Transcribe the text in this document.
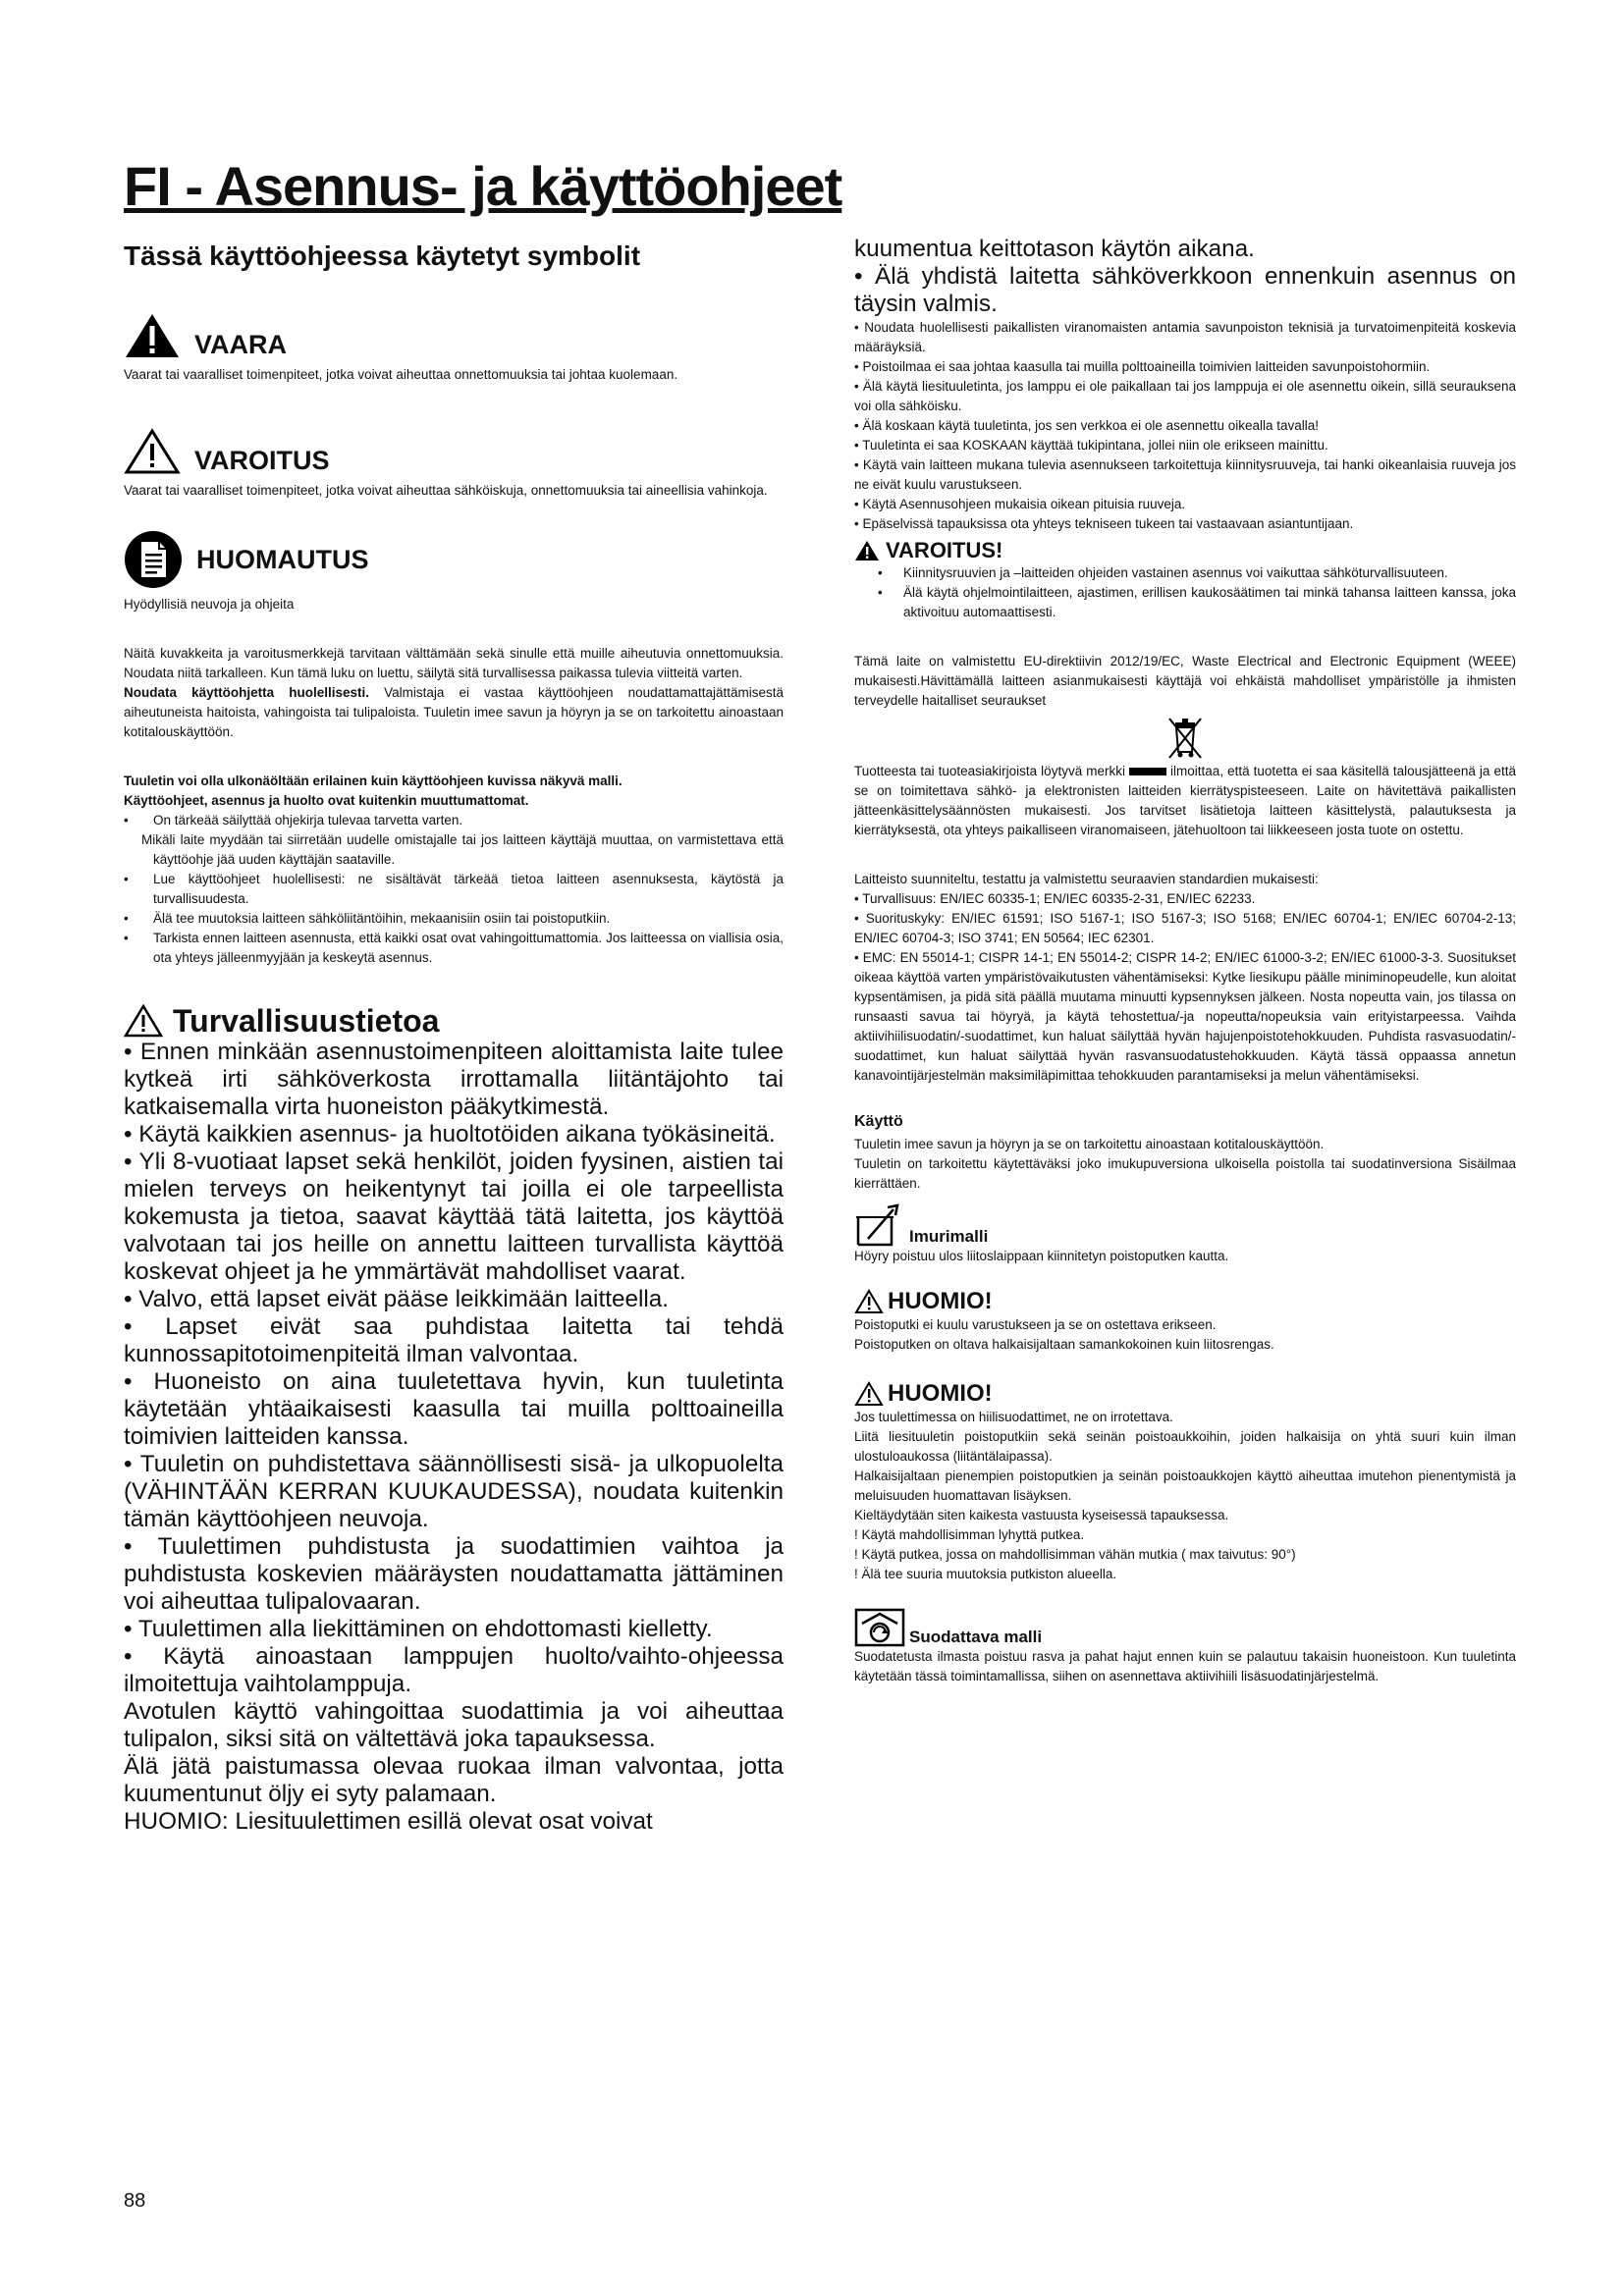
FI - Asennus- ja käyttöohjeet

Tässä käyttöohjeessa käytetyt symbolit

VAARA

Vaarat tai vaaralliset toimenpiteet, jotka voivat aiheuttaa onnettomuuksia tai johtaa kuolemaan.

VAROITUS

Vaarat tai vaaralliset toimenpiteet, jotka voivat aiheuttaa sähköiskuja, onnettomuuksia tai aineellisia vahinkoja.

HUOMAUTUS

Hyödyllisiä neuvoja ja ohjeita

Näitä kuvakkeita ja varoitusmerkkejä tarvitaan välttämään sekä sinulle että muille aiheutuvia onnettomuuksia. Noudata niitä tarkalleen. Kun tämä luku on luettu, säilytä sitä turvallisessa paikassa tulevia viitteitä varten.

Noudata käyttöohjetta huolellisesti. Valmistaja ei vastaa käyttöohjeen noudattamattajättämisestä aiheutuneista haitoista, vahingoista tai tulipaloista. Tuuletin imee savun ja höyryn ja se on tarkoitettu ainoastaan kotitalouskäyttöön.

Tuuletin voi olla ulkonäöltään erilainen kuin käyttöohjeen kuvissa näkyvä malli.

Käyttöohjeet, asennus ja huolto ovat kuitenkin muuttumattomat.

• On tärkeää säilyttää ohjekirja tulevaa tarvetta varten.

Mikäli laite myydään tai siirretään uudelle omistajalle tai jos laitteen käyttäjä muuttaa, on varmistettava että käyttöohje jää uuden käyttäjän saataville.

• Lue käyttöohjeet huolellisesti: ne sisältävät tärkeää tietoa laitteen asennuksesta, käytöstä ja turvallisuudesta.
• Älä tee muutoksia laitteen sähköliitäntöihin, mekaanisiin osiin tai poistoputkiin.
• Tarkista ennen laitteen asennusta, että kaikki osat ovat vahingoittumattomia. Jos laitteessa on viallisia osia, ota yhteys jälleenmyyjään ja keskeytä asennus.
Turvallisuustietoa

• Ennen minkään asennustoimenpiteen aloittamista laite tulee kytkeä irti sähköverkosta irrottamalla liitäntäjohto tai katkaisemalla virta huoneiston pääkytkimestä.

• Käytä kaikkien asennus- ja huoltotöiden aikana työkäsineitä.

• Yli 8-vuotiaat lapset sekä henkilöt, joiden fyysinen, aistien tai mielen terveys on heikentynyt tai joilla ei ole tarpeellista kokemusta ja tietoa, saavat käyttää tätä laitetta, jos käyttöä valvotaan tai jos heille on annettu laitteen turvallista käyttöä koskevat ohjeet ja he ymmärtävät mahdolliset vaarat.

• Valvo, että lapset eivät pääse leikkimään laitteella.

• Lapset eivät saa puhdistaa laitetta tai tehdä kunnossapitotoimenpiteitä ilman valvontaa.

• Huoneisto on aina tuuletettava hyvin, kun tuuletinta käytetään yhtäaikaisesti kaasulla tai muilla polttoaineilla toimivien laitteiden kanssa.

• Tuuletin on puhdistettava säännöllisesti sisä- ja ulkopuolelta (VÄHINTÄÄN KERRAN KUUKAUDESSA), noudata kuitenkin tämän käyttöohjeen neuvoja.

• Tuulettimen puhdistusta ja suodattimien vaihtoa ja puhdistusta koskevien määräysten noudattamatta jättäminen voi aiheuttaa tulipalovaaran.

• Tuulettimen alla liekittäminen on ehdottomasti kielletty.

• Käytä ainoastaan lamppujen huolto/vaihto-ohjeessa ilmoitettuja vaihtolamppuja.

Avotulen käyttö vahingoittaa suodattimia ja voi aiheuttaa tulipalon, siksi sitä on vältettävä joka tapauksessa.

Älä jätä paistumassa olevaa ruokaa ilman valvontaa, jotta kuumentunut öljy ei syty palamaan.

HUOMIO: Liesituulettimen esillä olevat osat voivat

kuumentua keittotason käytön aikana.

• Älä yhdistä laitetta sähköverkkoon ennenkuin asennus on täysin valmis.

• Noudata huolellisesti paikallisten viranomaisten antamia savunpoiston teknisiä ja turvatoimenpiteitä koskevia määräyksiä.

• Poistoilmaa ei saa johtaa kaasulla tai muilla polttoaineilla toimivien laitteiden savunpoistohormiin.

• Älä käytä liesituuletinta, jos lamppu ei ole paikallaan tai jos lamppuja ei ole asennettu oikein, sillä seurauksena voi olla sähköisku.

• Älä koskaan käytä tuuletinta, jos sen verkkoa ei ole asennettu oikealla tavalla!

• Tuuletinta ei saa KOSKAAN käyttää tukipintana, jollei niin ole erikseen mainittu.

• Käytä vain laitteen mukana tulevia asennukseen tarkoitettuja kiinnitysruuveja, tai hanki oikeanlaisia ruuveja jos ne eivät kuulu varustukseen.

• Käytä Asennusohjeen mukaisia oikean pituisia ruuveja.

• Epäselvissä tapauksissa ota yhteys tekniseen tukeen tai vastaavaan asiantuntijaan.

VAROITUS!
• Kiinnitysruuvien ja –laitteiden ohjeiden vastainen asennus voi vaikuttaa sähköturvallisuuteen.
• Älä käytä ohjelmointilaitteen, ajastimen, erillisen kaukosäätimen tai minkä tahansa laitteen kanssa, joka aktivoituu automaattisesti.

Tämä laite on valmistettu EU-direktiivin 2012/19/EC, Waste Electrical and Electronic Equipment (WEEE) mukaisesti.Hävittämällä laitteen asianmukaisesti käyttäjä voi ehkäistä mahdolliset ympäristölle ja ihmisten terveydelle haitalliset seuraukset

Tuotteesta tai tuoteasiakirjoista löytyvä merkki	ilmoittaa, että tuotetta ei saa käsitellä talousjätteenä ja että se on toimitettava sähkö- ja elektronisten laitteiden kierrätyspisteeseen. Laite on hävitettävä paikallisten jätteenkäsittelysäännösten mukaisesti. Jos tarvitset lisätietoja laitteen käsittelystä, palautuksesta ja kierrätyksestä, ota yhteys paikalliseen viranomaiseen, jätehuoltoon tai liikkeeseen josta tuote on ostettu.

Laitteisto suunniteltu, testattu ja valmistettu seuraavien standardien mukaisesti:

• Turvallisuus: EN/IEC 60335-1; EN/IEC 60335-2-31, EN/IEC 62233.

• Suorituskyky: EN/IEC 61591; ISO 5167-1; ISO 5167-3; ISO 5168; EN/IEC 60704-1; EN/IEC 60704-2-13; EN/IEC 60704-3; ISO 3741; EN 50564; IEC 62301.

• EMC: EN 55014-1; CISPR 14-1; EN 55014-2; CISPR 14-2; EN/IEC 61000-3-2; EN/IEC 61000-3-3. Suositukset oikeaa käyttöä varten ympäristövaikutusten vähentämiseksi: Kytke liesikupu päälle miniminopeudelle, kun aloitat kypsentämisen, ja pidä sitä päällä muutama minuutti kypsennyksen jälkeen. Nosta nopeutta vain, jos tilassa on runsaasti savua tai höyryä, ja käytä tehostettua/-ja nopeutta/nopeuksia vain erityistarpeessa. Vaihda aktiivihiilisuodatin/-suodattimet, kun haluat säilyttää hyvän hajujenpoistotehokkuuden. Puhdista rasvasuodatin/-suodattimet, kun haluat säilyttää hyvän rasvansuodatustehokkuuden. Käytä tässä oppaassa annetun kanavointijärjestelmän maksimiläpimittaa tehokkuuden parantamiseksi ja melun vähentämiseksi.

Käyttö

Tuuletin imee savun ja höyryn ja se on tarkoitettu ainoastaan kotitalouskäyttöön.

Tuuletin on tarkoitettu käytettäväksi joko imukupuversiona ulkoisella poistolla tai suodatinversiona Sisäilmaa kierrättäen.

Imurimalli

Höyry poistuu ulos liitoslaippaan kiinnitetyn poistoputken kautta.

HUOMIO!

Poistoputki ei kuulu varustukseen ja se on ostettava erikseen.

Poistoputken on oltava halkaisijaltaan samankokoinen kuin liitosrengas.

HUOMIO!

Jos tuulettimessa on hiilisuodattimet, ne on irrotettava.

Liitä liesituuletin poistoputkiin sekä seinän poistoaukkoihin, joiden halkaisija on yhtä suuri kuin ilman ulostuloaukossa (liitäntälaipassa).

Halkaisijaltaan pienempien poistoputkien ja seinän poistoaukkojen käyttö aiheuttaa imutehon pienentymistä ja meluisuuden huomattavan lisäyksen.

Kieltäydytään siten kaikesta vastuusta kyseisessä tapauksessa.

! Käytä mahdollisimman lyhyttä putkea.

! Käytä putkea, jossa on mahdollisimman vähän mutkia ( max taivutus: 90°)

! Älä tee suuria muutoksia putkiston alueella.

Suodattava malli

Suodatetusta ilmasta poistuu rasva ja pahat hajut ennen kuin se palautuu takaisin huoneistoon. Kun tuuletinta käytetään tässä toimintamallissa, siihen on asennettava aktiivihiili lisäsuodatinjärjestelmä.

88
